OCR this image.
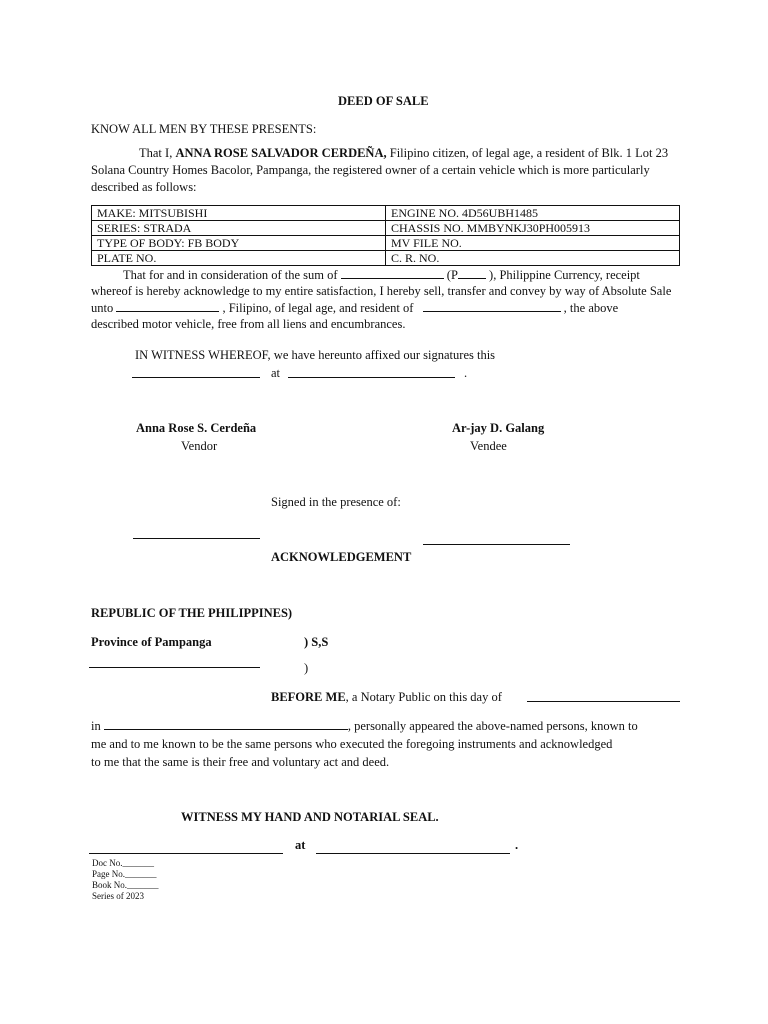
DEED OF SALE
KNOW ALL MEN BY THESE PRESENTS:
That I, ANNA ROSE SALVADOR CERDEÑA, Filipino citizen, of legal age, a resident of Blk. 1 Lot 23 Solana Country Homes Bacolor, Pampanga, the registered owner of a certain vehicle which is more particularly described as follows:
MAKE: MITSUBISHI	ENGINE NO. 4D56UBH1485
SERIES: STRADA	CHASSIS NO. MMBYNKJ30PH005913
TYPE OF BODY: FB BODY	MV FILE NO.
PLATE NO.	C. R. NO.
That for and in consideration of the sum of	(P ), Philippine Currency, receipt
whereof is hereby acknowledge to my entire satisfaction, I hereby sell, transfer and convey by way of Absolute Sale
unto	, Filipino, of legal age, and resident of	, the above
described motor vehicle, free from all liens and encumbrances.
IN WITNESS WHEREOF, we have hereunto affixed our signatures this
at	.
Anna Rose S. Cerdeña
Vendor
Ar-jay D. Galang
Vendee
Signed in the presence of:
ACKNOWLEDGEMENT
REPUBLIC OF THE PHILIPPINES)
Province of Pampanga	) S,S
)
BEFORE ME, a Notary Public on this day of
in	, personally appeared the above-named persons, known to
me and to me known to be the same persons who executed the foregoing instruments and acknowledged
to me that the same is their free and voluntary act and deed.
WITNESS MY HAND AND NOTARIAL SEAL.
at	.
Doc No._______
Page No._______
Book No._______
Series of 2023
